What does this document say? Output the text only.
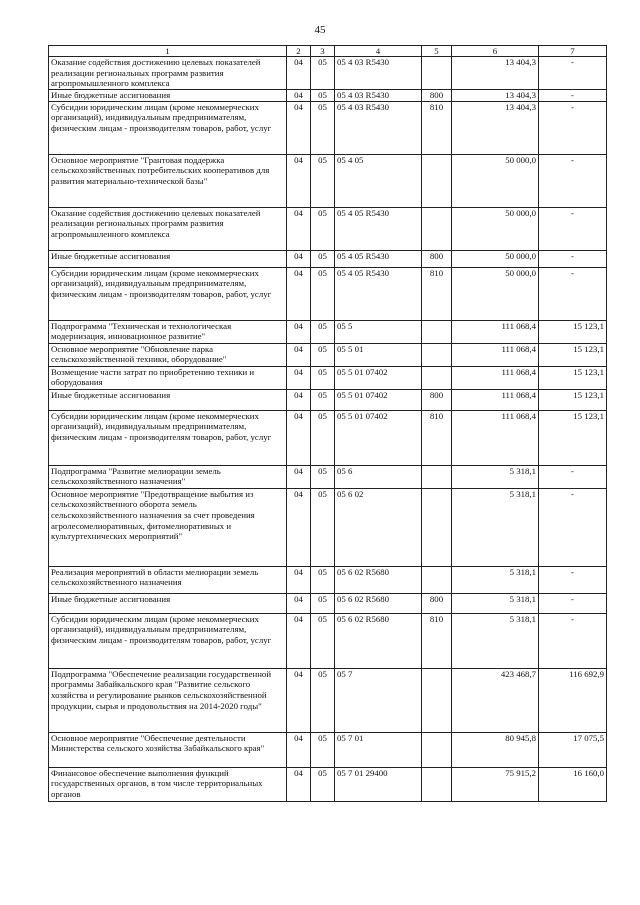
45
1	2	3	4	5	6	7
Оказание содействия достижению целевых показателей реализации региональных программ развития агропромышленного комплекса	04	05	05 4 03 R5430		13 404,3	-
Иные бюджетные ассигнования	04	05	05 4 03 R5430	800	13 404,3	-
Субсидии юридическим лицам (кроме некоммерческих организаций), индивидуальным предпринимателям, физическим лицам - производителям товаров, работ, услуг	04	05	05 4 03 R5430	810	13 404,3	-
Основное мероприятие "Грантовая поддержка сельскохозяйственных потребительских кооперативов для развития материально-технической базы"	04	05	05 4 05		50 000,0	-
Оказание содействия достижению целевых показателей реализации региональных программ развития агропромышленного комплекса	04	05	05 4 05 R5430		50 000,0	-
Иные бюджетные ассигнования	04	05	05 4 05 R5430	800	50 000,0	-
Субсидии юридическим лицам (кроме некоммерческих организаций), индивидуальным предпринимателям, физическим лицам - производителям товаров, работ, услуг	04	05	05 4 05 R5430	810	50 000,0	-
Подпрограмма "Техническая и технологическая модернизация, инновационное развитие"	04	05	05 5		111 068,4	15 123,1
Основное мероприятие "Обновление парка сельскохозяйственной техники, оборудование"	04	05	05 5 01		111 068,4	15 123,1
Возмещение части затрат по приобретению техники и оборудования	04	05	05 5 01 07402		111 068,4	15 123,1
Иные бюджетные ассигнования	04	05	05 5 01 07402	800	111 068,4	15 123,1
Субсидии юридическим лицам (кроме некоммерческих организаций), индивидуальным предпринимателям, физическим лицам - производителям товаров, работ, услуг	04	05	05 5 01 07402	810	111 068,4	15 123,1
Подпрограмма "Развитие мелиорации земель сельскохозяйственного назначения"	04	05	05 6		5 318,1	-
Основное мероприятие "Предотвращение выбытия из сельскохозяйственного оборота земель сельскохозяйственного назначения за счет проведения агролесомелиоративных, фитомелиоративных и культуртехнических мероприятий"	04	05	05 6 02		5 318,1	-
Реализация мероприятий в области мелиорации земель сельскохозяйственного назначения	04	05	05 6 02 R5680		5 318,1	-
Иные бюджетные ассигнования	04	05	05 6 02 R5680	800	5 318,1	-
Субсидии юридическим лицам (кроме некоммерческих организаций), индивидуальным предпринимателям, физическим лицам - производителям товаров, работ, услуг	04	05	05 6 02 R5680	810	5 318,1	-
Подпрограмма "Обеспечение реализации государственной программы Забайкальского края "Развитие сельского хозяйства и регулирование рынков сельскохозяйственной продукции, сырья и продовольствия на 2014-2020 годы"	04	05	05 7		423 468,7	116 692,9
Основное мероприятие "Обеспечение деятельности Министерства сельского хозяйства Забайкальского края"	04	05	05 7 01		80 945,8	17 075,5
Финансовое обеспечение выполнения функций государственных органов, в том числе территориальных органов	04	05	05 7 01 29400		75 915,2	16 160,0
